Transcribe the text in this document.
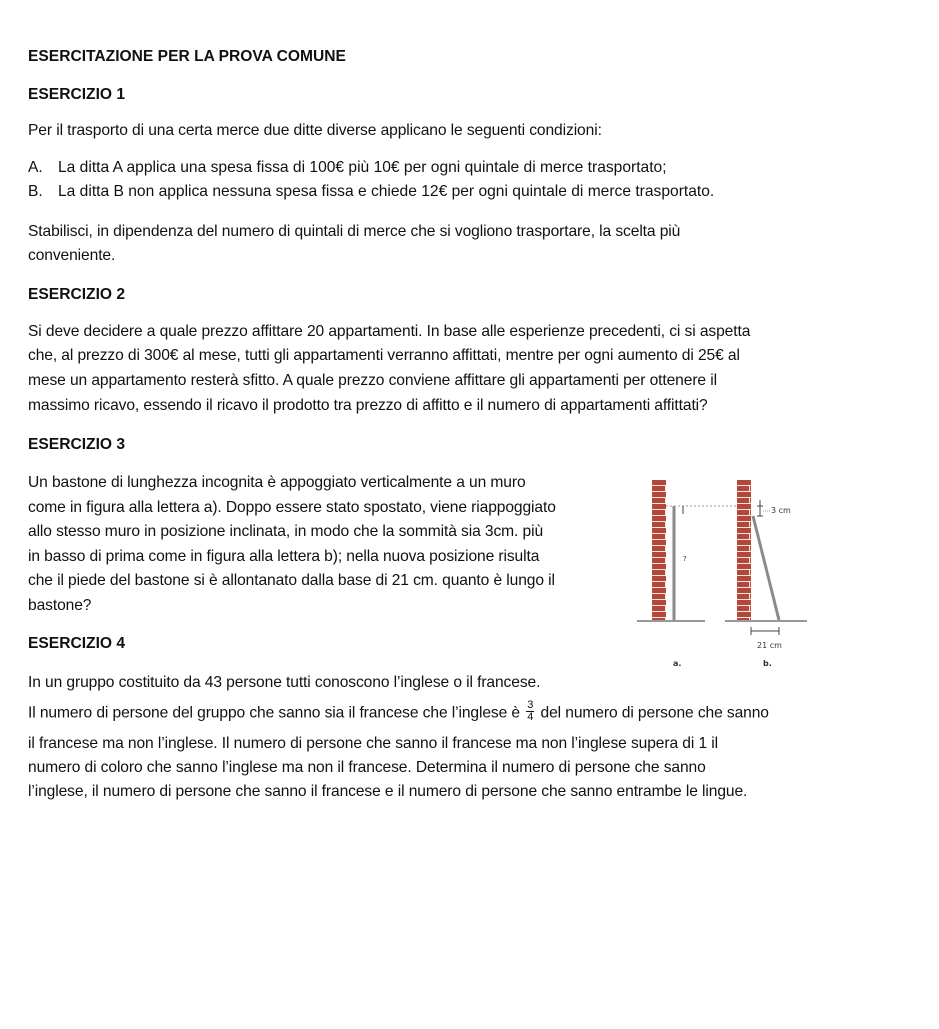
ESERCITAZIONE PER LA PROVA COMUNE
ESERCIZIO 1
Per il trasporto di una certa merce due ditte diverse applicano le seguenti condizioni:
A. La ditta A applica una spesa fissa di 100€ più 10€ per ogni quintale di merce trasportato;
B. La ditta B non applica nessuna spesa fissa e chiede 12€ per ogni quintale di merce trasportato.
Stabilisci, in dipendenza del numero di quintali di merce che si vogliono trasportare, la scelta più
conveniente.
ESERCIZIO 2
Si deve decidere a quale prezzo affittare 20 appartamenti. In base alle esperienze precedenti, ci si aspetta
che, al prezzo di 300€ al mese, tutti gli appartamenti verranno affittati, mentre per ogni aumento di 25€ al
mese un appartamento resterà sfitto. A quale prezzo conviene affittare gli appartamenti per ottenere il
massimo ricavo, essendo il ricavo il prodotto tra prezzo di affitto e il numero di appartamenti affittati?
ESERCIZIO 3
Un bastone di lunghezza incognita è appoggiato verticalmente a un muro
come in figura alla lettera a). Doppo essere stato spostato, viene riappoggiato
allo stesso muro in posizione inclinata, in modo che la sommità sia 3cm. più
in basso di prima come in figura alla lettera b); nella nuova posizione risulta
che il piede del bastone si è allontanato dalla base di 21 cm. quanto è lungo il
bastone?
ESERCIZIO 4
In un gruppo costituito da 43 persone tutti conoscono l’inglese o il francese.
Il numero di persone del gruppo che sanno sia il francese che l’inglese è $\frac{3}{4}$ del numero di persone che sanno
il francese ma non l’inglese. Il numero di persone che sanno il francese ma non l’inglese supera di 1 il
numero di coloro che sanno l’inglese ma non il francese. Determina il numero di persone che sanno
l’inglese, il numero di persone che sanno il francese e il numero di persone che sanno entrambe le lingue.
?
3 cm
21 cm
a.	b.
